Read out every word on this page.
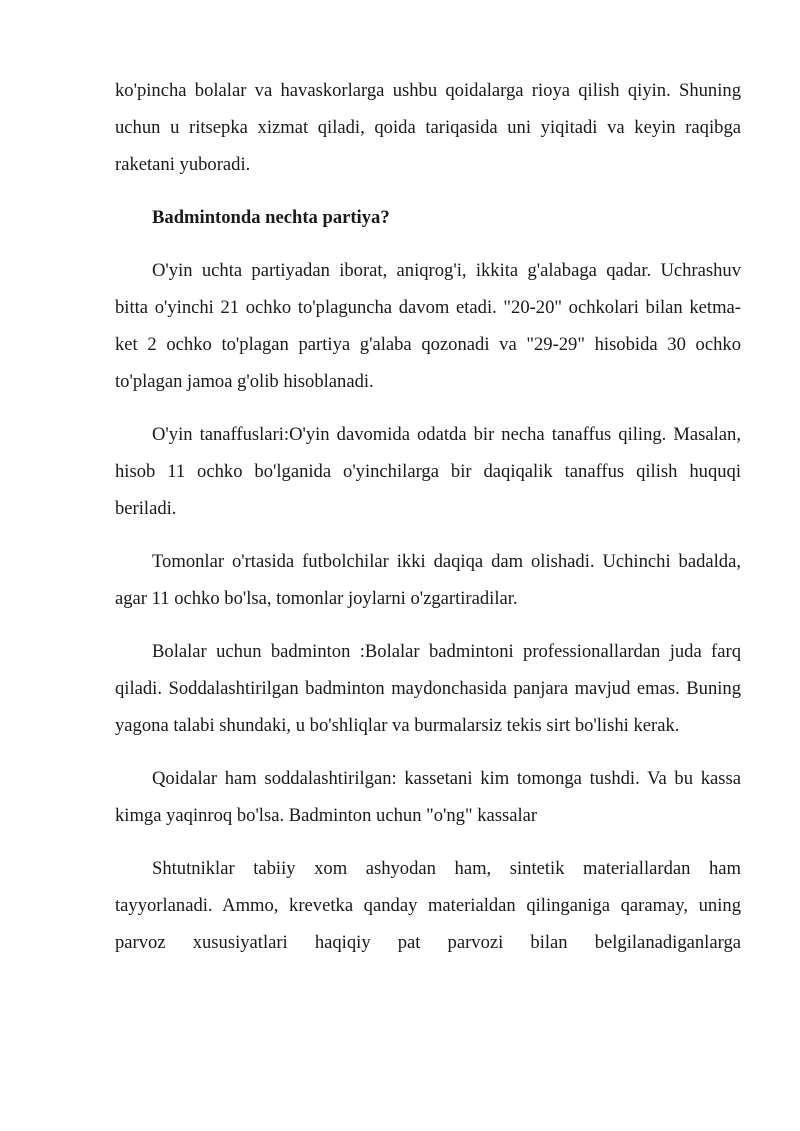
ko'pincha bolalar va havaskorlarga ushbu qoidalarga rioya qilish qiyin. Shuning uchun u ritsepka xizmat qiladi, qoida tariqasida uni yiqitadi va keyin raqibga raketani yuboradi.

Badmintonda nechta partiya?

O'yin uchta partiyadan iborat, aniqrog'i, ikkita g'alabaga qadar. Uchrashuv bitta o'yinchi 21 ochko to'plaguncha davom etadi. "20-20" ochkolari bilan ketma-ket 2 ochko to'plagan partiya g'alaba qozonadi va "29-29" hisobida 30 ochko to'plagan jamoa g'olib hisoblanadi.

O'yin tanaffuslari:O'yin davomida odatda bir necha tanaffus qiling. Masalan, hisob 11 ochko bo'lganida o'yinchilarga bir daqiqalik tanaffus qilish huquqi beriladi.

Tomonlar o'rtasida futbolchilar ikki daqiqa dam olishadi. Uchinchi badalda, agar 11 ochko bo'lsa, tomonlar joylarni o'zgartiradilar.

Bolalar uchun badminton :Bolalar badmintoni professionallardan juda farq qiladi. Soddalashtirilgan badminton maydonchasida panjara mavjud emas. Buning yagona talabi shundaki, u bo'shliqlar va burmalarsiz tekis sirt bo'lishi kerak.

Qoidalar ham soddalashtirilgan: kassetani kim tomonga tushdi. Va bu kassa kimga yaqinroq bo'lsa. Badminton uchun "o'ng" kassalar

Shtutniklar tabiiy xom ashyodan ham, sintetik materiallardan ham tayyorlanadi. Ammo, krevetka qanday materialdan qilinganiga qaramay, uning parvoz xususiyatlari haqiqiy pat parvozi bilan belgilanadiganlarga
